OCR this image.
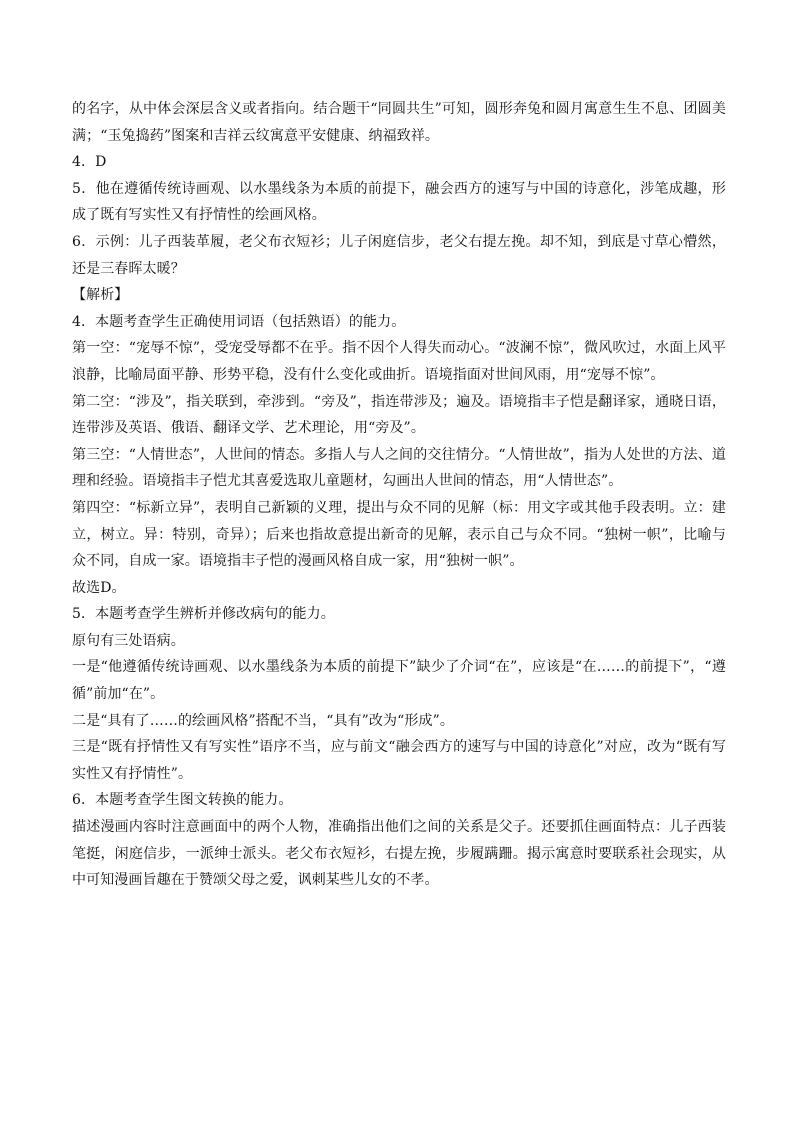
的名字，从中体会深层含义或者指向。结合题干“同圆共生”可知，圆形奔兔和圆月寓意生生不息、团圆美满；“玉兔捣药”图案和吉祥云纹寓意平安健康、纳福致祥。

4．D

5．他在遵循传统诗画观、以水墨线条为本质的前提下，融会西方的速写与中国的诗意化，涉笔成趣，形成了既有写实性又有抒情性的绘画风格。

6．示例：儿子西装革履，老父布衣短衫；儿子闲庭信步，老父右提左挽。却不知，到底是寸草心懵然，还是三春晖太暖？

【解析】

4．本题考查学生正确使用词语（包括熟语）的能力。

第一空：“宠辱不惊”，受宠受辱都不在乎。指不因个人得失而动心。“波澜不惊”，微风吹过，水面上风平浪静，比喻局面平静、形势平稳，没有什么变化或曲折。语境指面对世间风雨，用“宠辱不惊”。

第二空：“涉及”，指关联到，牵涉到。“旁及”，指连带涉及；遍及。语境指丰子恺是翻译家，通晓日语，连带涉及英语、俄语、翻译文学、艺术理论，用“旁及”。

第三空：“人情世态”，人世间的情态。多指人与人之间的交往情分。“人情世故”，指为人处世的方法、道理和经验。语境指丰子恺尤其喜爱选取儿童题材，勾画出人世间的情态，用“人情世态”。

第四空：“标新立异”，表明自己新颖的义理，提出与众不同的见解（标：用文字或其他手段表明。立：建立，树立。异：特别，奇异）；后来也指故意提出新奇的见解，表示自己与众不同。“独树一帜”，比喻与众不同，自成一家。语境指丰子恺的漫画风格自成一家，用“独树一帜”。

故选D。

5．本题考查学生辨析并修改病句的能力。

原句有三处语病。

一是“他遵循传统诗画观、以水墨线条为本质的前提下”缺少了介词“在”，应该是“在……的前提下”，“遵循”前加“在”。

二是“具有了……的绘画风格”搭配不当，“具有”改为“形成”。

三是“既有抒情性又有写实性”语序不当，应与前文“融会西方的速写与中国的诗意化”对应，改为“既有写实性又有抒情性”。

6．本题考查学生图文转换的能力。

描述漫画内容时注意画面中的两个人物，准确指出他们之间的关系是父子。还要抓住画面特点：儿子西装笔挺，闲庭信步，一派绅士派头。老父布衣短衫，右提左挽，步履蹒跚。揭示寓意时要联系社会现实，从中可知漫画旨趣在于赞颂父母之爱，讽刺某些儿女的不孝。
